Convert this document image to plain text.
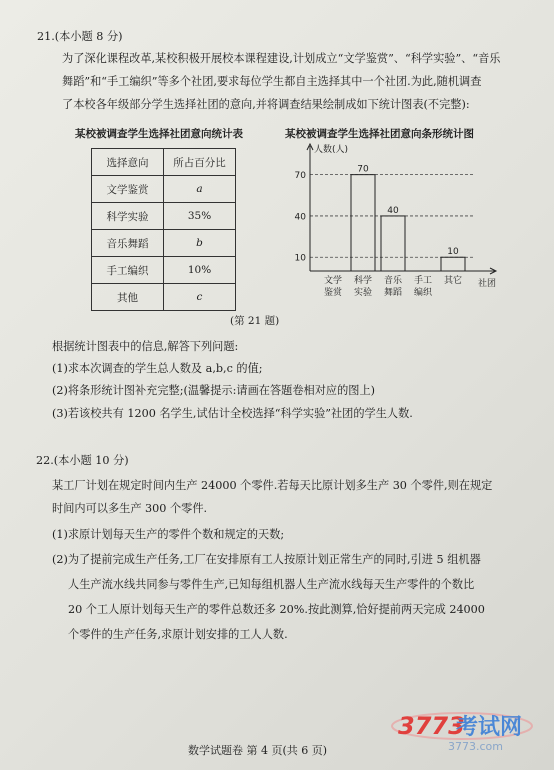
21.(本小题 8 分)
为了深化课程改革,某校积极开展校本课程建设,计划成立“文学鉴赏”、“科学实验”、“音乐
舞蹈”和“手工编织”等多个社团,要求每位学生都自主选择其中一个社团.为此,随机调查
了本校各年级部分学生选择社团的意向,并将调查结果绘制成如下统计图表(不完整):
某校被调查学生选择社团意向统计表	某校被调查学生选择社团意向条形统计图
选择意向	所占百分比
文学鉴赏	a
科学实验	35%
音乐舞蹈	b
手工编织	10%
其他	c
10
40
70
人数(人)
社团
文学
鉴赏
70
科学
实验
40
音乐
舞蹈
手工
编织
10
其它
(第 21 题)
根据统计图表中的信息,解答下列问题:
(1)求本次调查的学生总人数及 a,b,c 的值;
(2)将条形统计图补充完整;(温馨提示:请画在答题卷相对应的图上)
(3)若该校共有 1200 名学生,试估计全校选择“科学实验”社团的学生人数.
22.(本小题 10 分)
某工厂计划在规定时间内生产 24000 个零件.若每天比原计划多生产 30 个零件,则在规定
时间内可以多生产 300 个零件.
(1)求原计划每天生产的零件个数和规定的天数;
(2)为了提前完成生产任务,工厂在安排原有工人按原计划正常生产的同时,引进 5 组机器
人生产流水线共同参与零件生产,已知每组机器人生产流水线每天生产零件的个数比
20 个工人原计划每天生产的零件总数还多 20%.按此测算,恰好提前两天完成 24000
个零件的生产任务,求原计划安排的工人人数.
数学试题卷 第 4 页(共 6 页)
3773
考试网
3773.com
